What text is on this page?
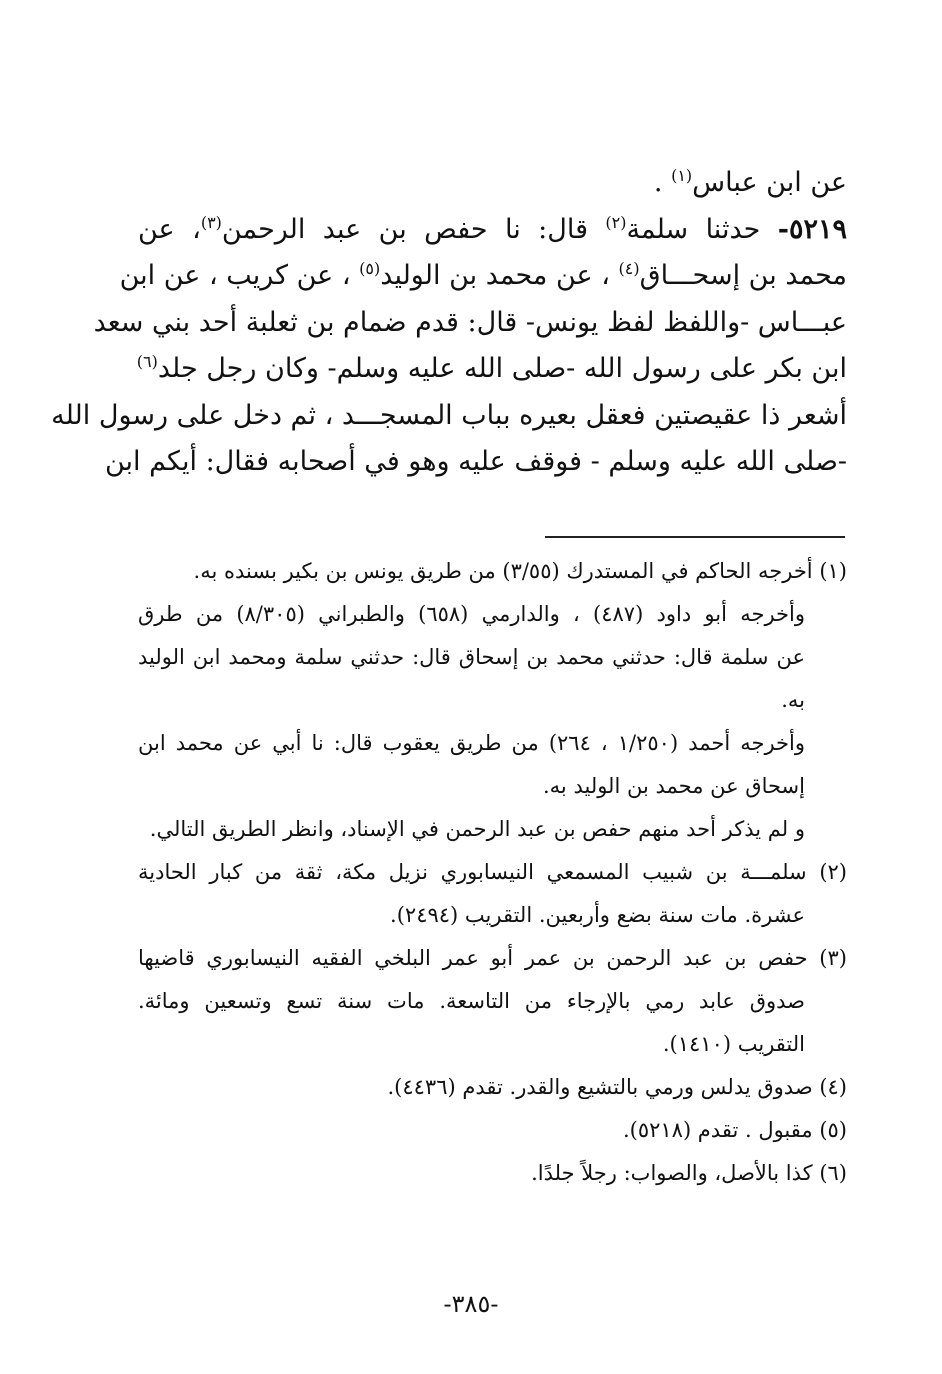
عن ابن عباس$^{(١)}$ .
٥٢١٩- حدثنا سلمة$^{(٢)}$ قال: نا حفص بن عبد الرحمن$^{(٣)}$، عن
محمد بن إسحـــاق$^{(٤)}$ ، عن محمد بن الوليد$^{(٥)}$ ، عن كريب ، عن ابن
عبـــاس -واللفظ لفظ يونس- قال: قدم ضمام بن ثعلبة أحد بني سعد
ابن بكر على رسول الله -صلى الله عليه وسلم- وكان رجل جلد$^{(٦)}$
أشعر ذا عقيصتين فعقل بعيره بباب المسجـــد ، ثم دخل على رسول الله
-صلى الله عليه وسلم - فوقف عليه وهو في أصحابه فقال: أيكم ابن
(١) أخرجه الحاكم في المستدرك (٣/٥٥) من طريق يونس بن بكير بسنده به.
وأخرجه أبو داود (٤٨٧) ، والدارمي (٦٥٨) والطبراني (٨/٣٠٥) من طرق
عن سلمة قال: حدثني محمد بن إسحاق قال: حدثني سلمة ومحمد ابن الوليد
به.
وأخرجه أحمد (١/٢٥٠ ، ٢٦٤) من طريق يعقوب قال: نا أبي عن محمد ابن
إسحاق عن محمد بن الوليد به.
و لم يذكر أحد منهم حفص بن عبد الرحمن في الإسناد، وانظر الطريق التالي.
(٢) سلمـــة بن شبيب المسمعي النيسابوري نزيل مكة، ثقة من كبار الحادية
عشرة. مات سنة بضع وأربعين. التقريب (٢٤٩٤).
(٣) حفص بن عبد الرحمن بن عمر أبو عمر البلخي الفقيه النيسابوري قاضيها
صدوق عابد رمي بالإرجاء من التاسعة. مات سنة تسع وتسعين ومائة.
التقريب (١٤١٠).
(٤) صدوق يدلس ورمي بالتشيع والقدر. تقدم (٤٤٣٦).
(٥) مقبول . تقدم (٥٢١٨).
(٦) كذا بالأصل، والصواب: رجلاً جلدًا.
-٣٨٥-
